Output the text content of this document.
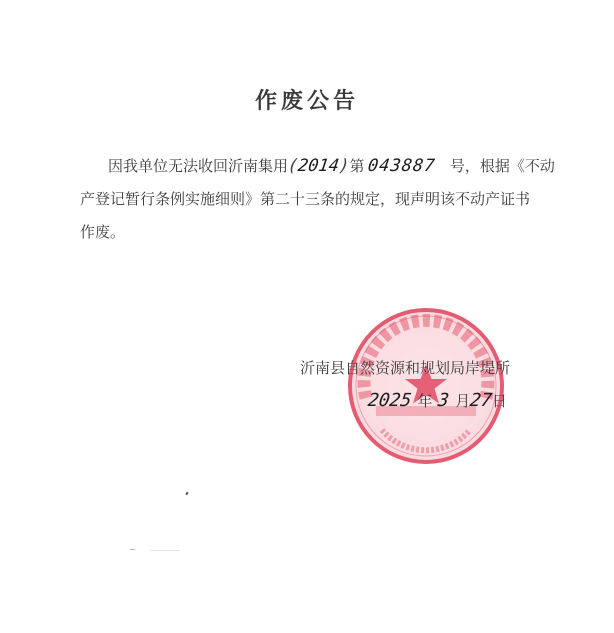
作废公告
因我单位无法收回沂南集用(2014)第 043887 号，根据《不动
产登记暂行条例实施细则》第二十三条的规定，现声明该不动产证书
作废。
沂南县自然资源和规划局岸堤所
2025 年 3 月27日
